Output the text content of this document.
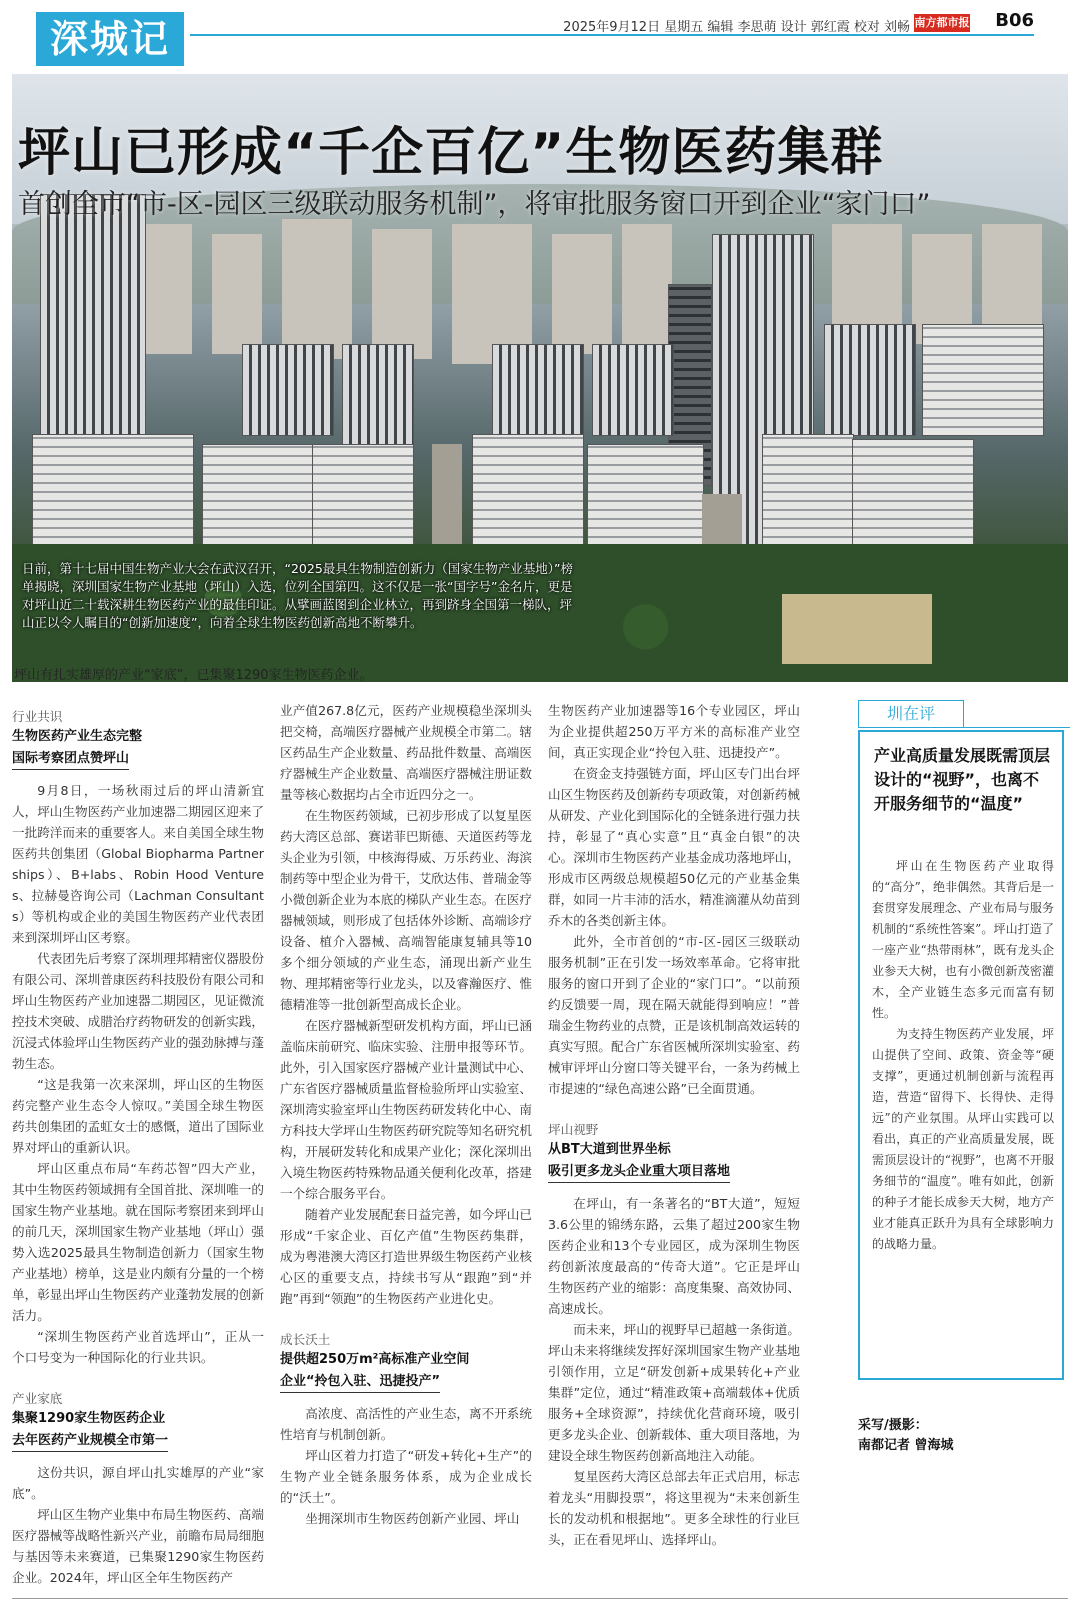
深城记	2025年9月12日 星期五 编辑 李思萌 设计 郭红霞 校对 刘畅 南方都市报 B06
坪山已形成“千企百亿”生物医药集群
首创全市“市-区-园区三级联动服务机制”，将审批服务窗口开到企业“家门口”
日前，第十七届中国生物产业大会在武汉召开，“2025最具生物制造创新力（国家生物产业基地）”榜单揭晓，深圳国家生物产业基地（坪山）入选，位列全国第四。这不仅是一张“国字号”金名片，更是对坪山近二十载深耕生物医药产业的最佳印证。从擘画蓝图到企业林立，再到跻身全国第一梯队，坪山正以令人瞩目的“创新加速度”，向着全球生物医药创新高地不断攀升。
坪山有扎实雄厚的产业“家底”，已集聚1290家生物医药企业。
行业共识
生物医药产业生态完整
国际考察团点赞坪山

9月8日，一场秋雨过后的坪山清新宜人，坪山生物医药产业加速器二期园区迎来了一批跨洋而来的重要客人。来自美国全球生物医药共创集团（Global Biopharma Partnerships）、B+labs、Robin Hood Ventures、拉赫曼咨询公司（Lachman Consultants）等机构或企业的美国生物医药产业代表团来到深圳坪山区考察。

代表团先后考察了深圳理邦精密仪器股份有限公司、深圳普康医药科技股份有限公司和坪山生物医药产业加速器二期园区，见证微流控技术突破、成腊治疗药物研发的创新实践，沉浸式体验坪山生物医药产业的强劲脉搏与蓬勃生态。

“这是我第一次来深圳，坪山区的生物医药完整产业生态令人惊叹。”美国全球生物医药共创集团的孟虹女士的感慨，道出了国际业界对坪山的重新认识。

坪山区重点布局“车药芯智”四大产业，其中生物医药领域拥有全国首批、深圳唯一的国家生物产业基地。就在国际考察团来到坪山的前几天，深圳国家生物产业基地（坪山）强势入选2025最具生物制造创新力（国家生物产业基地）榜单，这是业内颇有分量的一个榜单，彰显出坪山生物医药产业蓬勃发展的创新活力。

“深圳生物医药产业首选坪山”，正从一个口号变为一种国际化的行业共识。

产业家底
集聚1290家生物医药企业
去年医药产业规模全市第一

这份共识，源自坪山扎实雄厚的产业“家底”。

坪山区生物产业集中布局生物医药、高端医疗器械等战略性新兴产业，前瞻布局局细胞与基因等未来赛道，已集聚1290家生物医药企业。2024年，坪山区全年生物医药产

业产值267.8亿元，医药产业规模稳坐深圳头把交椅，高端医疗器械产业规模全市第二。辖区药品生产企业数量、药品批件数量、高端医疗器械生产企业数量、高端医疗器械注册证数量等核心数据均占全市近四分之一。

在生物医药领域，已初步形成了以复星医药大湾区总部、赛诺菲巴斯德、天道医药等龙头企业为引领，中核海得威、万乐药业、海滨制药等中型企业为骨干，艾欣达伟、普瑞金等小微创新企业为本底的梯队产业生态。在医疗器械领域，则形成了包括体外诊断、高端诊疗设备、植介入器械、高端智能康复辅具等10多个细分领域的产业生态，涌现出新产业生物、理邦精密等行业龙头，以及睿瀚医疗、惟德精准等一批创新型高成长企业。

在医疗器械新型研发机构方面，坪山已涵盖临床前研究、临床实验、注册申报等环节。此外，引入国家医疗器械产业计量测试中心、广东省医疗器械质量监督检验所坪山实验室、深圳湾实验室坪山生物医药研发转化中心、南方科技大学坪山生物医药研究院等知名研究机构，开展研发转化和成果产业化；深化深圳出入境生物医药特殊物品通关便利化改革，搭建一个综合服务平台。

随着产业发展配套日益完善，如今坪山已形成“千家企业、百亿产值”生物医药集群，成为粤港澳大湾区打造世界级生物医药产业核心区的重要支点，持续书写从“跟跑”到“并跑”再到“领跑”的生物医药产业进化史。

成长沃土
提供超250万m²高标准产业空间
企业“拎包入驻、迅捷投产”

高浓度、高活性的产业生态，离不开系统性培育与机制创新。

坪山区着力打造了“研发+转化+生产”的生物产业全链条服务体系，成为企业成长的“沃土”。

坐拥深圳市生物医药创新产业园、坪山

生物医药产业加速器等16个专业园区，坪山为企业提供超250万平方米的高标准产业空间，真正实现企业“拎包入驻、迅捷投产”。

在资金支持强链方面，坪山区专门出台坪山区生物医药及创新药专项政策，对创新药械从研发、产业化到国际化的全链条进行强力扶持，彰显了“真心实意”且“真金白银”的决心。深圳市生物医药产业基金成功落地坪山，形成市区两级总规模超50亿元的产业基金集群，如同一片丰沛的活水，精准滴灌从幼苗到乔木的各类创新主体。

此外，全市首创的“市-区-园区三级联动服务机制”正在引发一场效率革命。它将审批服务的窗口开到了企业的“家门口”。“以前预约反馈要一周，现在隔天就能得到响应！”普瑞金生物药业的点赞，正是该机制高效运转的真实写照。配合广东省医械所深圳实验室、药械审评坪山分窗口等关键平台，一条为药械上市提速的“绿色高速公路”已全面贯通。

坪山视野
从BT大道到世界坐标
吸引更多龙头企业重大项目落地

在坪山，有一条著名的“BT大道”，短短3.6公里的锦绣东路，云集了超过200家生物医药企业和13个专业园区，成为深圳生物医药创新浓度最高的“传奇大道”。它正是坪山生物医药产业的缩影：高度集聚、高效协同、高速成长。

而未来，坪山的视野早已超越一条街道。坪山未来将继续发挥好深圳国家生物产业基地引领作用，立足“研发创新+成果转化+产业集群”定位，通过“精准政策+高端载体+优质服务+全球资源”，持续优化营商环境，吸引更多龙头企业、创新载体、重大项目落地，为建设全球生物医药创新高地注入动能。

复星医药大湾区总部去年正式启用，标志着龙头“用脚投票”，将这里视为“未来创新生长的发动机和根据地”。更多全球性的行业巨头，正在看见坪山、选择坪山。

圳在评
产业高质量发展既需顶层设计的“视野”，也离不开服务细节的“温度”

坪山在生物医药产业取得的“高分”，绝非偶然。其背后是一套贯穿发展理念、产业布局与服务机制的“系统性答案”。坪山打造了一座产业“热带雨林”，既有龙头企业参天大树，也有小微创新茂密灌木，全产业链生态多元而富有韧性。

为支持生物医药产业发展，坪山提供了空间、政策、资金等“硬支撑”，更通过机制创新与流程再造，营造“留得下、长得快、走得远”的产业氛围。从坪山实践可以看出，真正的产业高质量发展，既需顶层设计的“视野”，也离不开服务细节的“温度”。唯有如此，创新的种子才能长成参天大树，地方产业才能真正跃升为具有全球影响力的战略力量。

采写/摄影：
南都记者 曾海城
